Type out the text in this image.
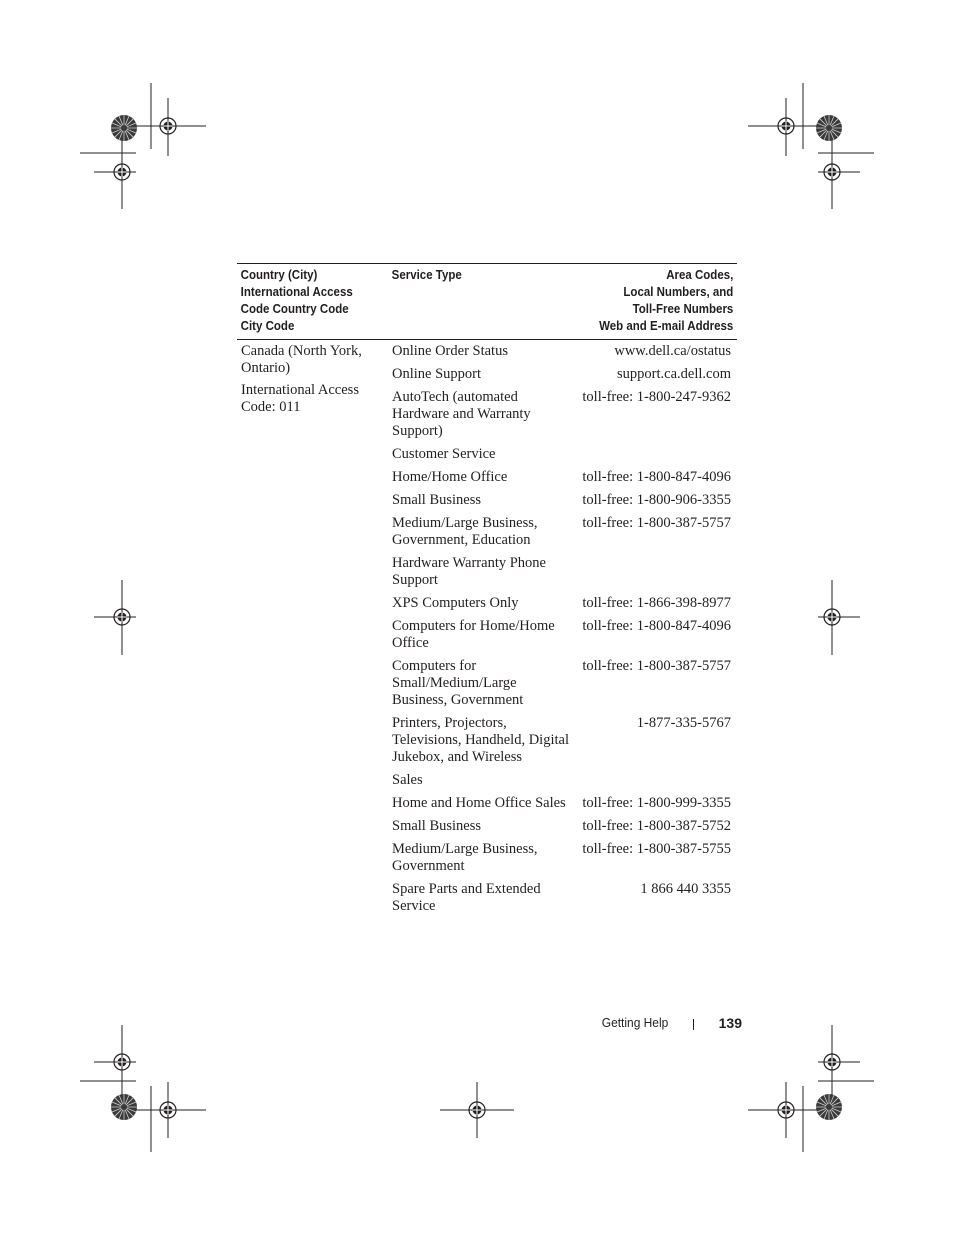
Country (City)
International Access
Code Country Code
City Code	Service Type	Area Codes,
Local Numbers, and
Toll-Free Numbers
Web and E-mail Address

Canada (North York, Ontario)
International Access Code: 011	Online Order Status	www.dell.ca/ostatus
	Online Support	support.ca.dell.com
	AutoTech (automated Hardware and Warranty Support)	toll-free: 1-800-247-9362
	Customer Service	
	Home/Home Office	toll-free: 1-800-847-4096
	Small Business	toll-free: 1-800-906-3355
	Medium/Large Business, Government, Education	toll-free: 1-800-387-5757
	Hardware Warranty Phone Support	
	XPS Computers Only	toll-free: 1-866-398-8977
	Computers for Home/Home Office	toll-free: 1-800-847-4096
	Computers for Small/Medium/Large Business, Government	toll-free: 1-800-387-5757
	Printers, Projectors, Televisions, Handheld, Digital Jukebox, and Wireless	1-877-335-5767
	Sales	
	Home and Home Office Sales	toll-free: 1-800-999-3355
	Small Business	toll-free: 1-800-387-5752
	Medium/Large Business, Government	toll-free: 1-800-387-5755
	Spare Parts and Extended Service	1 866 440 3355
Getting Help	139
